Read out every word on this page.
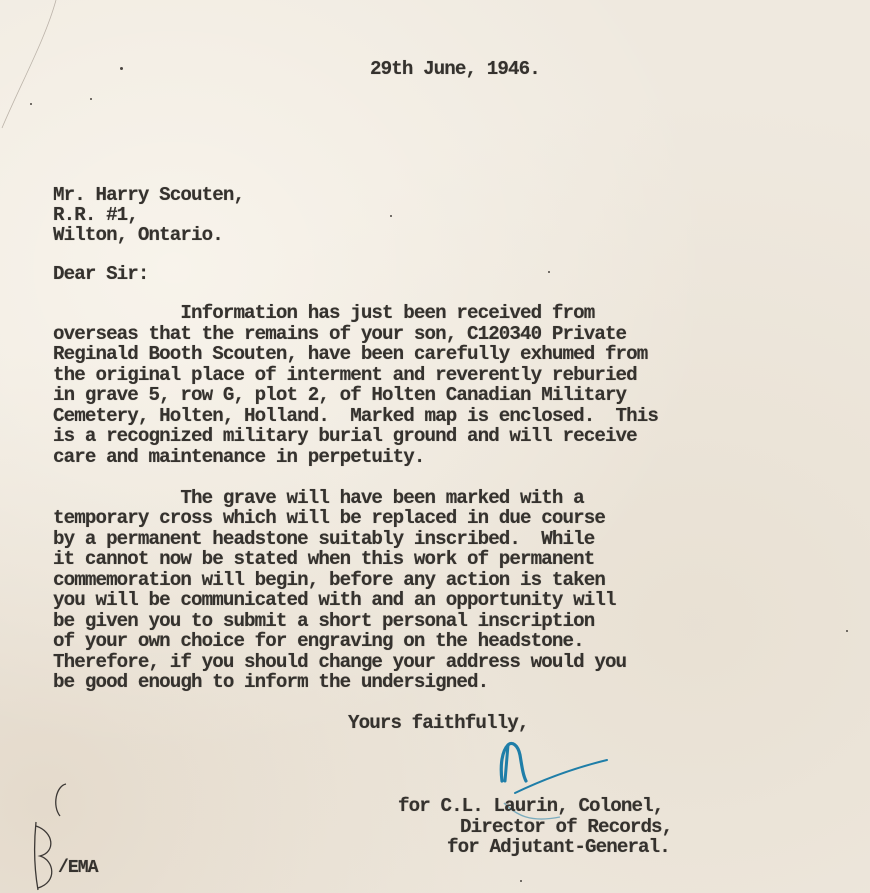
29th June, 1946.
Mr. Harry Scouten,
R.R. #1,
Wilton, Ontario.
Dear Sir:
Information has just been received from
overseas that the remains of your son, C120340 Private
Reginald Booth Scouten, have been carefully exhumed from
the original place of interment and reverently reburied
in grave 5, row G, plot 2, of Holten Canadian Military
Cemetery, Holten, Holland.  Marked map is enclosed.  This
is a recognized military burial ground and will receive
care and maintenance in perpetuity.
The grave will have been marked with a
temporary cross which will be replaced in due course
by a permanent headstone suitably inscribed.  While
it cannot now be stated when this work of permanent
commemoration will begin, before any action is taken
you will be communicated with and an opportunity will
be given you to submit a short personal inscription
of your own choice for engraving on the headstone.
Therefore, if you should change your address would you
be good enough to inform the undersigned.
Yours faithfully,
for C.L. Laurin, Colonel,
Director of Records,
for Adjutant-General.
/EMA
